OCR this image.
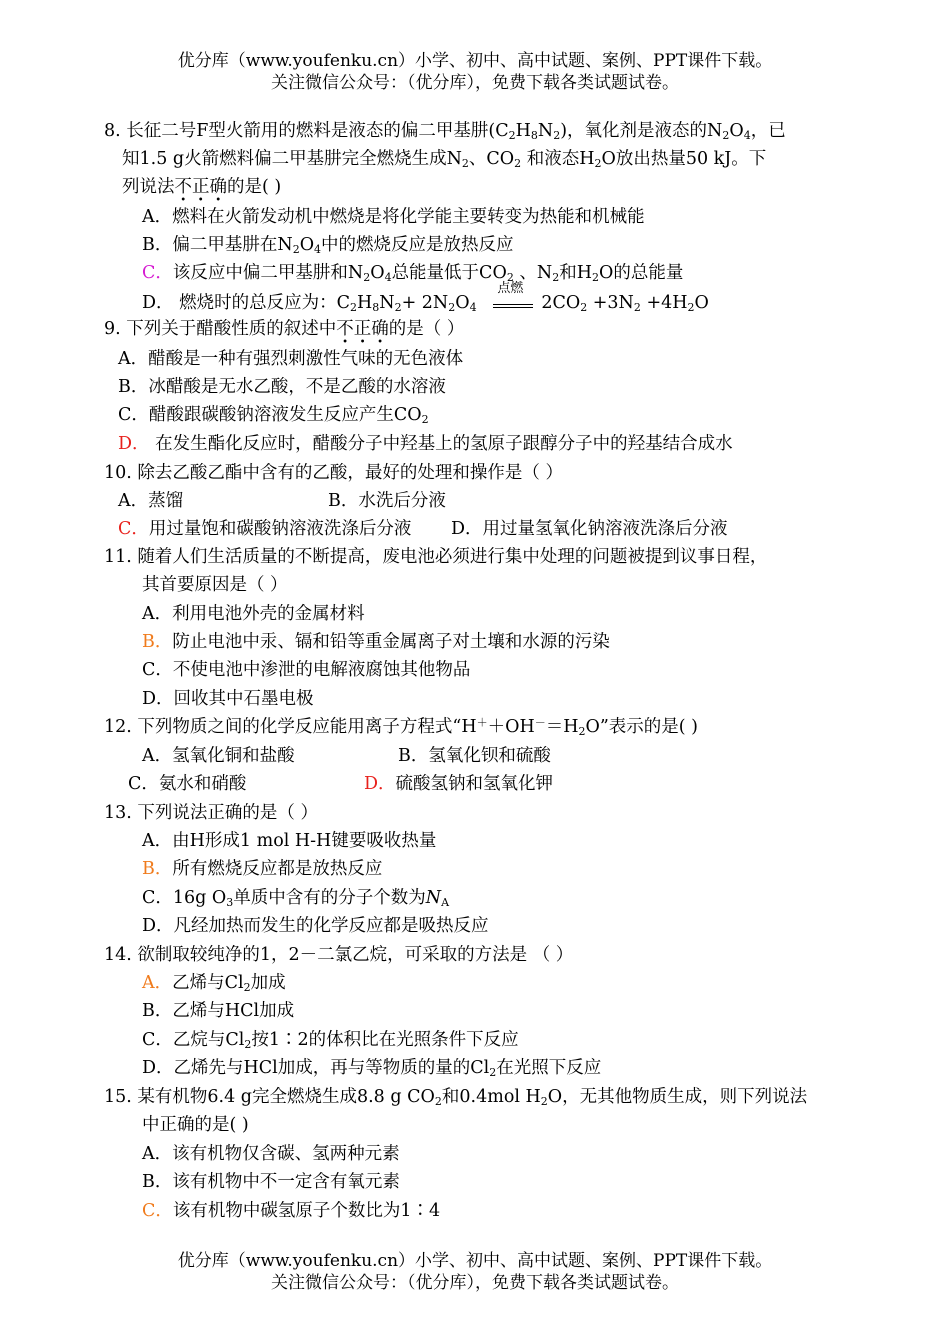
优分库（www.youfenku.cn）小学、初中、高中试题、案例、PPT课件下载。
关注微信公众号：（优分库），免费下载各类试题试卷。
8. 长征二号F型火箭用的燃料是液态的偏二甲基肼$(C_2H_8N_2)$，氧化剂是液态的$N_2O_4$，已
知1.5 g火箭燃料偏二甲基肼完全燃烧生成$N_2$、$CO_2$ 和液态$H_2O$放出热量50 kJ。下
列说法不正确的是( )
A．燃料在火箭发动机中燃烧是将化学能主要转变为热能和机械能
B．偏二甲基肼在$N_2O_4$中的燃烧反应是放热反应
C．该反应中偏二甲基肼和$N_2O_4$总能量低于$CO_2$ 、$N_2$和$H_2O$的总能量
D． 燃烧时的总反应为：$C_2H_8N_2+ 2N_2O_4$
点燃
$2CO_2 +3N_2 +4H_2O$
9. 下列关于醋酸性质的叙述中不正确的是（ ）
A．醋酸是一种有强烈刺激性气味的无色液体
B．冰醋酸是无水乙酸，不是乙酸的水溶液
C．醋酸跟碳酸钠溶液发生反应产生$CO_2$
D． 在发生酯化反应时，醋酸分子中羟基上的氢原子跟醇分子中的羟基结合成水
10. 除去乙酸乙酯中含有的乙酸，最好的处理和操作是（ ）
A．蒸馏	B．水洗后分液
C．用过量饱和碳酸钠溶液洗涤后分液 D．用过量氢氧化钠溶液洗涤后分液
11. 随着人们生活质量的不断提高，废电池必须进行集中处理的问题被提到议事日程，
其首要原因是（ ）
A．利用电池外壳的金属材料
B．防止电池中汞、镉和铅等重金属离子对土壤和水源的污染
C．不使电池中渗泄的电解液腐蚀其他物品
D．回收其中石墨电极
12. 下列物质之间的化学反应能用离子方程式“$H^++OH^-=H_2O$”表示的是( )
A．氢氧化铜和盐酸	B．氢氧化钡和硫酸
C．氨水和硝酸	D．硫酸氢钠和氢氧化钾
13. 下列说法正确的是（ ）
A．由H形成1 mol H-H键要吸收热量
B．所有燃烧反应都是放热反应
C．16g $O_3$单质中含有的分子个数为$N_A$
D．凡经加热而发生的化学反应都是吸热反应
14. 欲制取较纯净的1，2－二氯乙烷，可采取的方法是 （ ）
A．乙烯与$Cl_2$加成
B．乙烯与HCl加成
C．乙烷与$Cl_2$按1∶2的体积比在光照条件下反应
D．乙烯先与HCl加成，再与等物质的量的$Cl_2$在光照下反应
15. 某有机物6.4 g完全燃烧生成8.8 g $CO_2$和0.4mol $H_2O$，无其他物质生成，则下列说法
中正确的是( )
A．该有机物仅含碳、氢两种元素
B．该有机物中不一定含有氧元素
C．该有机物中碳氢原子个数比为1∶4
优分库（www.youfenku.cn）小学、初中、高中试题、案例、PPT课件下载。
关注微信公众号：（优分库），免费下载各类试题试卷。
